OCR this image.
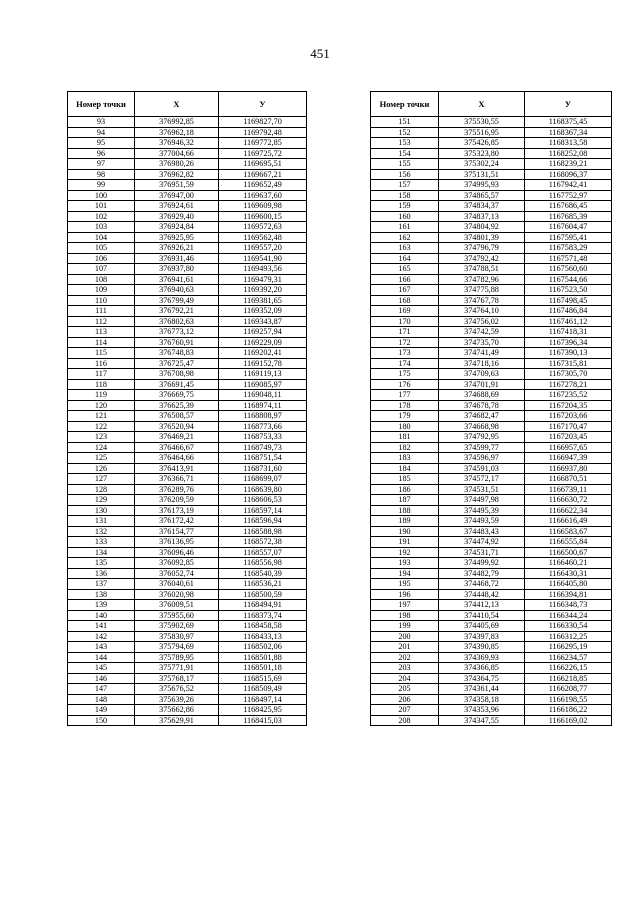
451
Номер точки	X	У
93	376992,85	1169827,70
94	376962,18	1169792,48
95	376946,32	1169772,85
96	377004,66	1169725,72
97	376980,26	1169695,51
98	376962,82	1169667,21
99	376951,59	1169652,49
100	376947,00	1169637,60
101	376924,61	1169609,98
102	376929,40	1169600,15
103	376924,84	1169572,63
104	376925,95	1169562,48
105	376926,21	1169557,20
106	376931,46	1169541,90
107	376937,80	1169493,56
108	376941,61	1169479,31
109	376940,63	1169392,20
110	376799,49	1169381,65
111	376792,21	1169352,09
112	376802,63	1169343,87
113	376773,12	1169257,94
114	376760,91	1169229,09
115	376748,83	1169202,41
116	376725,47	1169152,78
117	376708,98	1169119,13
118	376691,45	1169085,97
119	376669,75	1169048,11
120	376625,39	1168974,11
121	376508,57	1168808,97
122	376520,94	1168773,66
123	376469,21	1168753,33
124	376466,67	1168749,73
125	376464,66	1168751,54
126	376413,91	1168731,60
127	376366,71	1168699,07
128	376289,76	1168639,80
129	376209,59	1168606,53
130	376173,19	1168597,14
131	376172,42	1168596,94
132	376154,77	1168588,98
133	376136,95	1168572,38
134	376096,46	1168557,07
135	376092,85	1168556,98
136	376052,74	1168540,39
137	376040,61	1168536,21
138	376020,98	1168500,59
139	376009,51	1168494,91
140	375955,60	1168373,74
141	375902,69	1168458,58
142	375830,97	1168433,13
143	375794,69	1168502,06
144	375789,95	1168501,88
145	375771,91	1168501,18
146	375768,17	1168515,69
147	375676,52	1168509,49
148	375639,26	1168497,14
149	375662,86	1168425,95
150	375629,91	1168415,03
Номер точки	X	У
151	375530,55	1168375,45
152	375516,95	1168367,34
153	375426,85	1168313,58
154	375323,80	1168252,08
155	375302,24	1168239,21
156	375131,51	1168096,37
157	374995,93	1167942,41
158	374865,57	1167752,97
159	374834,37	1167686,45
160	374837,13	1167685,39
161	374804,92	1167604,47
162	374801,39	1167595,41
163	374796,79	1167583,29
164	374792,42	1167571,48
165	374788,51	1167560,60
166	374782,96	1167544,66
167	374775,88	1167523,50
168	374767,78	1167498,45
169	374764,10	1167486,84
170	374756,02	1167461,12
171	374742,59	1167418,31
172	374735,70	1167396,34
173	374741,49	1167390,13
174	374718,16	1167315,81
175	374709,63	1167305,70
176	374701,91	1167278,21
177	374688,69	1167235,52
178	374678,78	1167204,35
179	374682,47	1167203,66
180	374668,98	1167170,47
181	374792,95	1167203,45
182	374599,77	1166957,65
183	374596,97	1166947,39
184	374591,03	1166937,80
185	374572,17	1166870,51
186	374531,51	1166739,11
187	374497,98	1166630,72
188	374495,39	1166622,34
189	374493,59	1166616,49
190	374483,43	1166583,67
191	374474,92	1166555,84
192	374531,71	1166500,67
193	374499,92	1166460,21
194	374482,79	1166430,31
195	374468,72	1166405,80
196	374448,42	1166394,81
197	374412,13	1166348,73
198	374410,54	1166344,24
199	374405,69	1166330,54
200	374397,83	1166312,25
201	374390,85	1166295,19
202	374369,93	1166234,57
203	374366,85	1166226,15
204	374364,75	1166218,85
205	374361,44	1166208,77
206	374358,18	1166198,55
207	374353,96	1166186,22
208	374347,55	1166169,02
